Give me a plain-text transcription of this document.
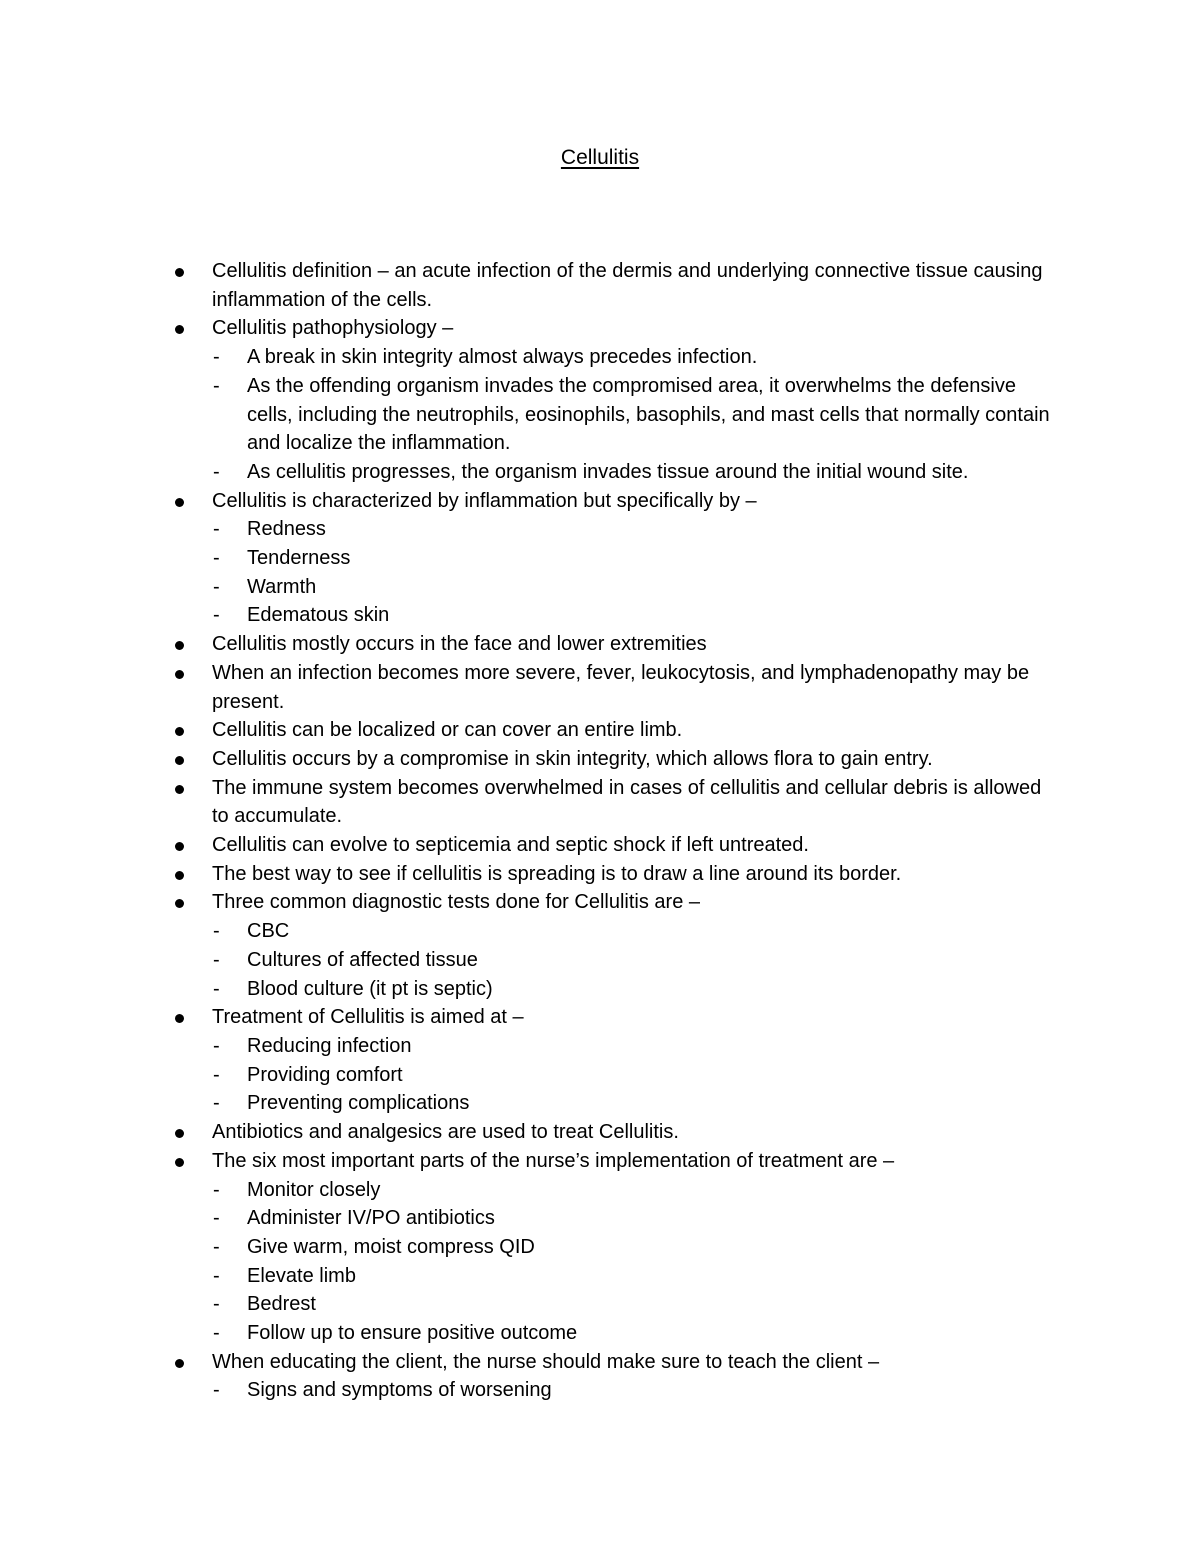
Cellulitis
Cellulitis definition – an acute infection of the dermis and underlying connective tissue causing inflammation of the cells.
Cellulitis pathophysiology –
- A break in skin integrity almost always precedes infection.
- As the offending organism invades the compromised area, it overwhelms the defensive cells, including the neutrophils, eosinophils, basophils, and mast cells that normally contain and localize the inflammation.
- As cellulitis progresses, the organism invades tissue around the initial wound site.
Cellulitis is characterized by inflammation but specifically by –
- Redness
- Tenderness
- Warmth
- Edematous skin
Cellulitis mostly occurs in the face and lower extremities
When an infection becomes more severe, fever, leukocytosis, and lymphadenopathy may be present.
Cellulitis can be localized or can cover an entire limb.
Cellulitis occurs by a compromise in skin integrity, which allows flora to gain entry.
The immune system becomes overwhelmed in cases of cellulitis and cellular debris is allowed to accumulate.
Cellulitis can evolve to septicemia and septic shock if left untreated.
The best way to see if cellulitis is spreading is to draw a line around its border.
Three common diagnostic tests done for Cellulitis are –
- CBC
- Cultures of affected tissue
- Blood culture (it pt is septic)
Treatment of Cellulitis is aimed at –
- Reducing infection
- Providing comfort
- Preventing complications
Antibiotics and analgesics are used to treat Cellulitis.
The six most important parts of the nurse’s implementation of treatment are –
- Monitor closely
- Administer IV/PO antibiotics
- Give warm, moist compress QID
- Elevate limb
- Bedrest
- Follow up to ensure positive outcome
When educating the client, the nurse should make sure to teach the client –
- Signs and symptoms of worsening
